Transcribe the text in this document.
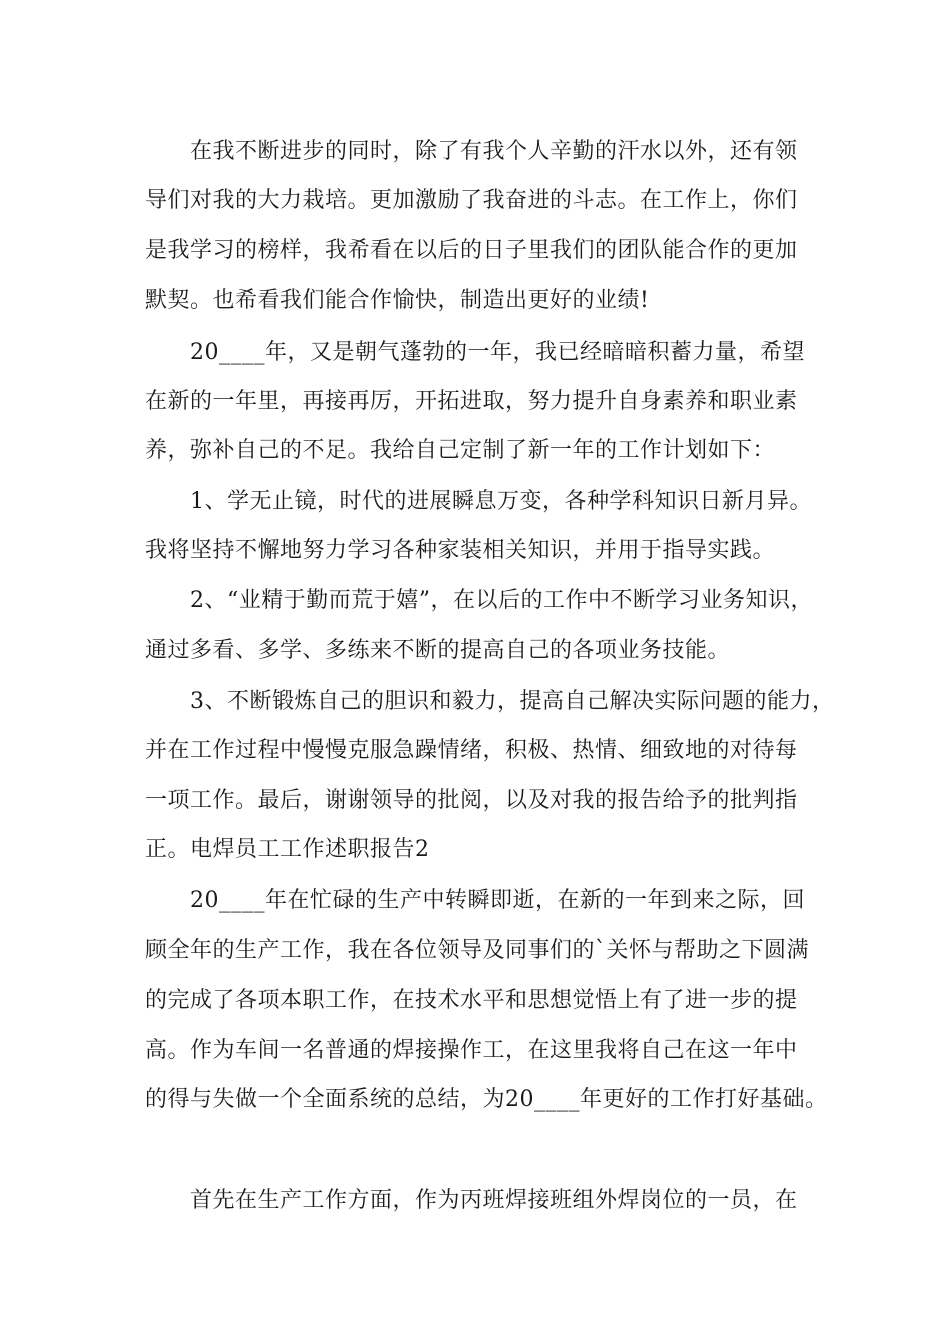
在我不断进步的同时，除了有我个人辛勤的汗水以外，还有领
导们对我的大力栽培。更加激励了我奋进的斗志。在工作上，你们
是我学习的榜样，我希看在以后的日子里我们的团队能合作的更加
默契。也希看我们能合作愉快，制造出更好的业绩!
20____年，又是朝气蓬勃的一年，我已经暗暗积蓄力量，希望
在新的一年里，再接再厉，开拓进取，努力提升自身素养和职业素
养，弥补自己的不足。我给自己定制了新一年的工作计划如下：
1、学无止镜，时代的进展瞬息万变，各种学科知识日新月异。
我将坚持不懈地努力学习各种家装相关知识，并用于指导实践。
2、“业精于勤而荒于嬉”，在以后的工作中不断学习业务知识，
通过多看、多学、多练来不断的提高自己的各项业务技能。
3、不断锻炼自己的胆识和毅力，提高自己解决实际问题的能力，
并在工作过程中慢慢克服急躁情绪，积极、热情、细致地的对待每
一项工作。最后，谢谢领导的批阅，以及对我的报告给予的批判指
正。电焊员工工作述职报告2
20____年在忙碌的生产中转瞬即逝，在新的一年到来之际，回
顾全年的生产工作，我在各位领导及同事们的`关怀与帮助之下圆满
的完成了各项本职工作，在技术水平和思想觉悟上有了进一步的提
高。作为车间一名普通的焊接操作工，在这里我将自己在这一年中
的得与失做一个全面系统的总结，为20____年更好的工作打好基础。
首先在生产工作方面，作为丙班焊接班组外焊岗位的一员，在
